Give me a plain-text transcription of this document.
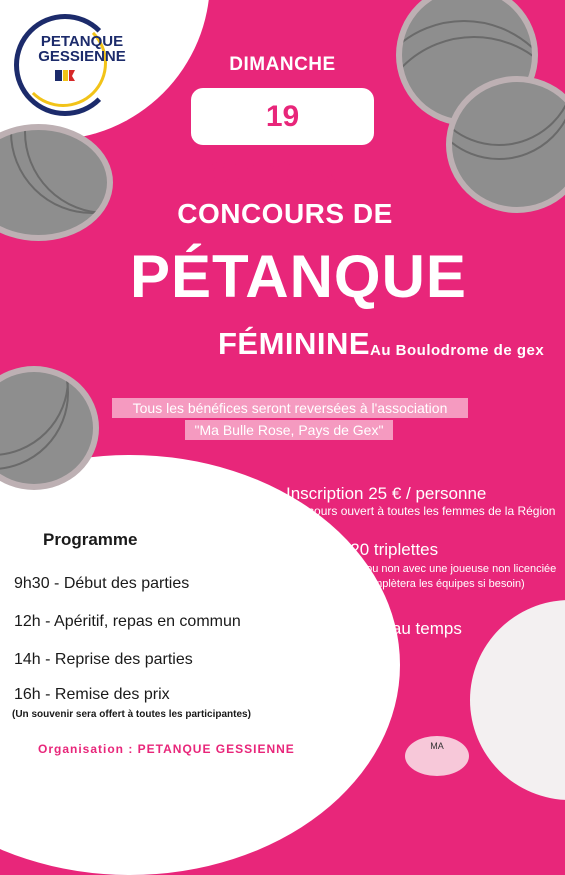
PETANQUE
GESSIENNE	DIMANCHE
19 OCTOBRE
CONCOURS DE
PÉTANQUE
FÉMININE Au Boulodrome de gex
Tous les bénéfices seront reversées à l'association
"Ma Bulle Rose, Pays de Gex"
➤ Inscription 25 € / personne
Concours ouvert à toutes les femmes de la Région
➤ Limité à 20 triplettes
(triplette formée ou non avec une joueuse non licenciée - l'organisateur complètera les équipes si besoin)
➤ 4 parties au temps
Programme
9h30 - Début des parties
12h - Apéritif, repas en commun
14h - Reprise des parties
16h - Remise des prix
(Un souvenir sera offert à toutes les participantes)
Organisation : PETANQUE GESSIENNE	MA
